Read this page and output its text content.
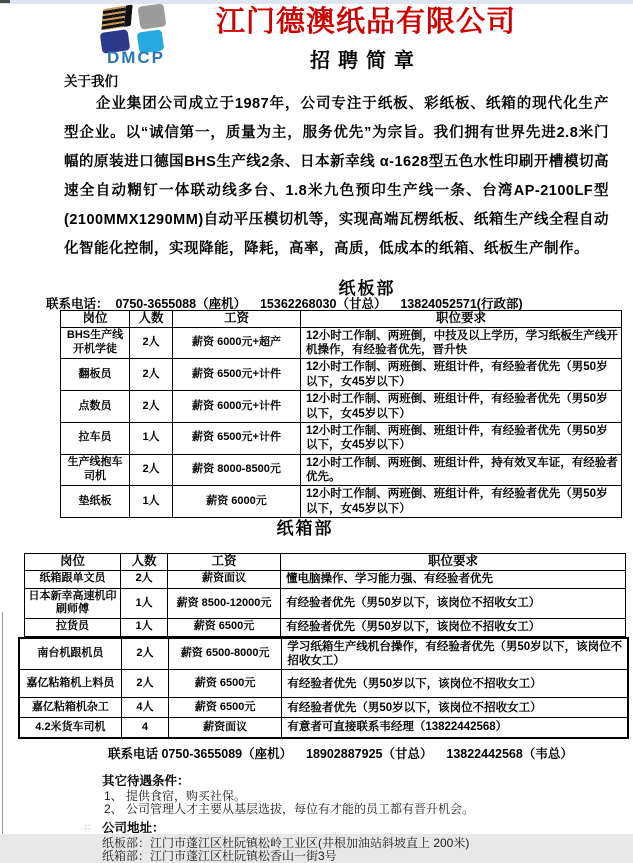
DMCP
江门德澳纸品有限公司
招聘简章
关于我们
企业集团公司成立于1987年，公司专注于纸板、彩纸板、纸箱的现代化生产型企业。以“诚信第一，质量为主，服务优先”为宗旨。我们拥有世界先进2.8米门幅的原装进口德国BHS生产线2条、日本新幸线 α-1628型五色水性印刷开槽模切高速全自动糊钉一体联动线多台、1.8米九色预印生产线一条、台湾AP-2100LF型(2100MMX1290MM)自动平压模切机等，实现高端瓦楞纸板、纸箱生产线全程自动化智能化控制，实现降能，降耗，高率，高质，低成本的纸箱、纸板生产制作。
纸板部
联系电话：  0750-3655088（座机）    15362268030（甘总）    13824052571(行政部)
岗位	人数	工资	职位要求
BHS生产线开机学徒	2人	薪资 6000元+超产	12小时工作制、两班倒，中技及以上学历，学习纸板生产线开机操作，有经验者优先，晋升快
翻板员	2人	薪资 6500元+计件	12小时工作制、两班倒、班组计件，有经验者优先（男50岁以下，女45岁以下）
点数员	2人	薪资 6000元+计件	12小时工作制、两班倒、班组计件，有经验者优先（男50岁以下，女45岁以下）
拉车员	1人	薪资 6500元+计件	12小时工作制、两班倒、班组计件，有经验者优先（男50岁以下，女45岁以下）
生产线抱车司机	2人	薪资 8000-8500元	12小时工作制、两班倒、班组计件，持有效叉车证，有经验者优先。
垫纸板	1人	薪资 6000元	12小时工作制、两班倒、班组计件，有经验者优先（男50岁以下，女45岁以下）
纸箱部
岗位	人数	工资	职位要求
纸箱跟单文员	2人	薪资面议	懂电脑操作、学习能力强、有经验者优先
日本新幸高速机印刷师傅	1人	薪资 8500-12000元	有经验者优先（男50岁以下，该岗位不招收女工）
拉货员	1人	薪资 6500元	有经验者优先（男50岁以下，该岗位不招收女工）
南台机跟机员	2人	薪资 6500-8000元	学习纸箱生产线机台操作，有经验者优先（男50岁以下，该岗位不招收女工）
嘉亿粘箱机上料员	2人	薪资 6500元	有经验者优先（男50岁以下，该岗位不招收女工）
嘉亿粘箱机杂工	4人	薪资 6500元	有经验者优先（男50岁以下，该岗位不招收女工）
4.2米货车司机	4	薪资面议	有意者可直接联系韦经理（13822442568）
联系电话 0750-3655089（座机）    18902887925（甘总）    13822442568（韦总）
其它待遇条件：
1、 提供食宿，购买社保。
2、 公司管理人才主要从基层选拔，每位有才能的员工都有晋升机会。
公司地址：
纸板部：江门市蓬江区杜阮镇松岭工业区(井根加油站斜坡直上 200米)
纸箱部：江门市蓬江区杜阮镇松香山一街3号
∷
